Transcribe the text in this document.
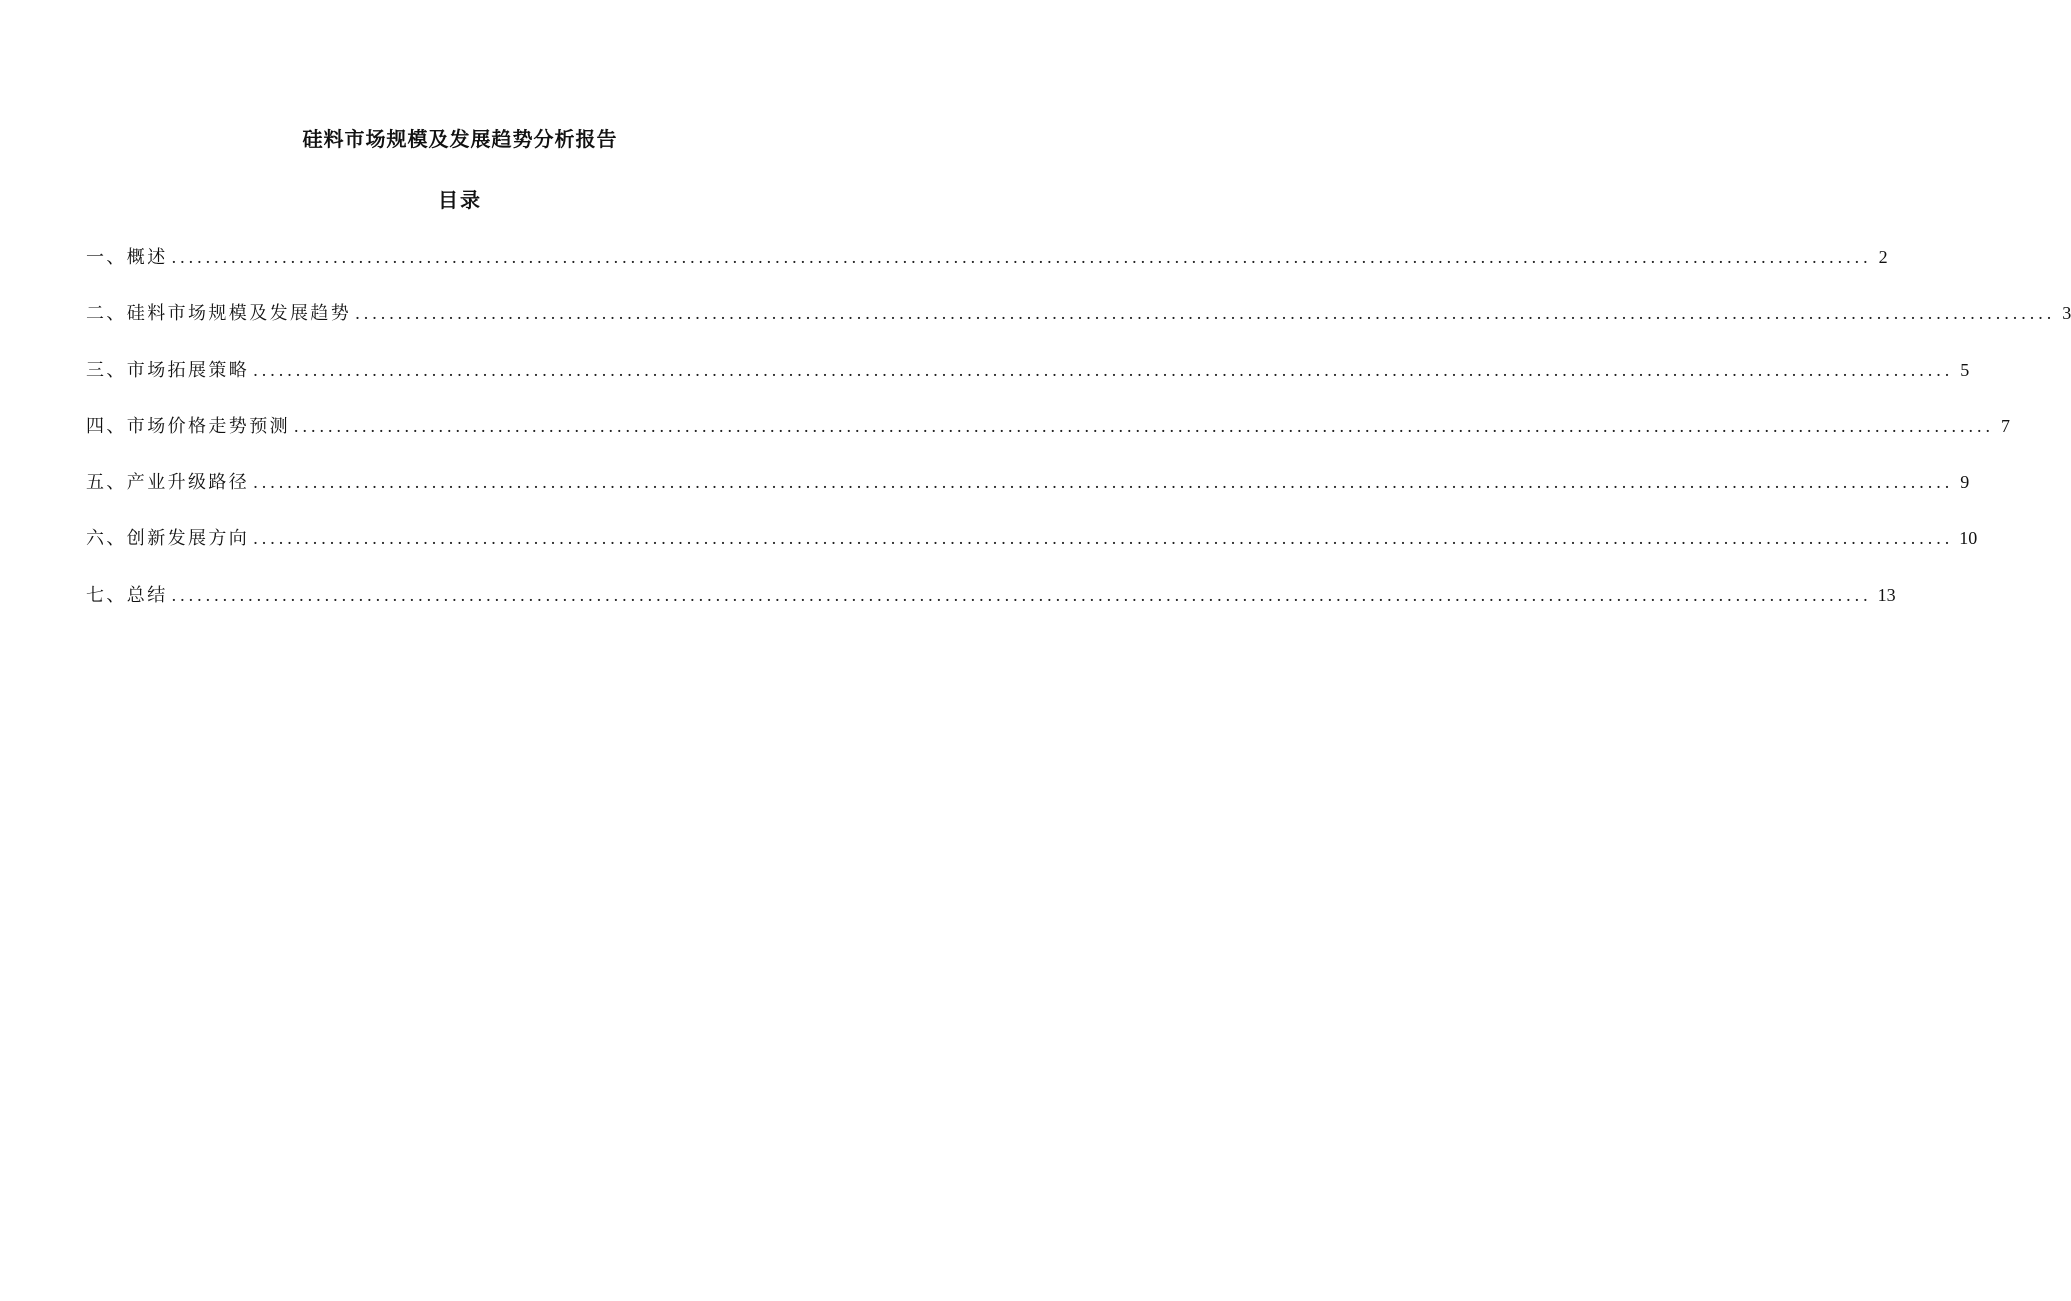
硅料市场规模及发展趋势分析报告
目录
一、概述 ........................................................................................................................................................................................................ 2
二、硅料市场规模及发展趋势 ........................................................................................................................................................................................................ 3
三、市场拓展策略 ........................................................................................................................................................................................................ 5
四、市场价格走势预测 ........................................................................................................................................................................................................ 7
五、产业升级路径 ........................................................................................................................................................................................................ 9
六、创新发展方向 ........................................................................................................................................................................................................ 10
七、总结 ........................................................................................................................................................................................................ 13
